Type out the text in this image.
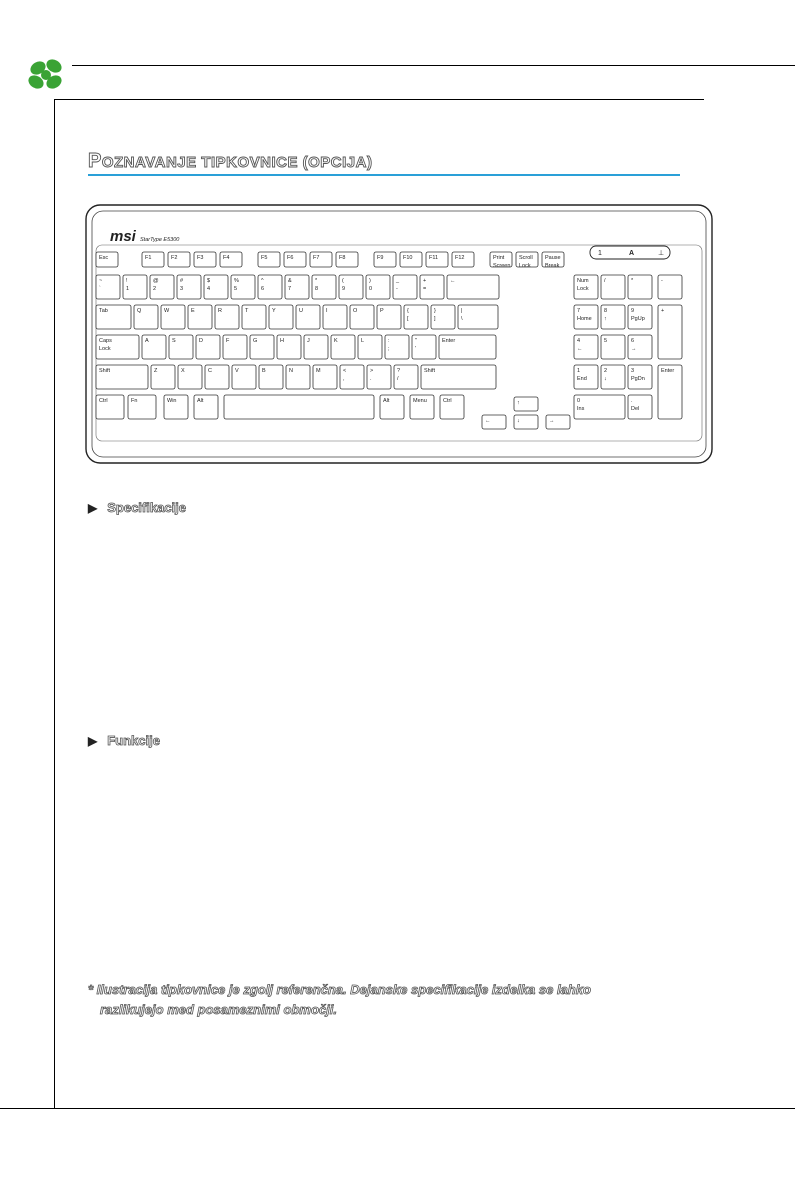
POZNAVANJE TIPKOVNICE (OPCIJA)
msi StarType E5300
1	A	⊥
Esc	F1	F2	F3	F4	F5	F6	F7	F8	F9	F10	F11	F12	Print
Screen
Scroll
Lock
Pause
Break
~
`
!
1
@
2
#
3
$
4
%
5
^
6
&
7
*
8
(
9
)
0
_
-
+
=
←
Tab	Q	W	E	R	T	Y	U	I	O	P	{
[
}
]
|
\
Caps
Lock
A	S	D	F	G	H	J	K	L	:
;
"
'
Enter
Shift	Z	X	C	V	B	N	M	<
,
>
.
?
/
Shift
Ctrl	Fn	Win	Alt	Alt	Menu	Ctrl	↑
←	↓	→
Num
Lock
/	*	-
7
Home
8
↑
9
PgUp
+
4
←
5	6
→
1
End
2
↓
3
PgDn
Enter
0
Ins
.
Del
▶ Specifikacije
▶ Funkcije
* Ilustracija tipkovnice je zgolj referenčna. Dejanske specifikacije izdelka se lahko
razlikujejo med posameznimi območji.
